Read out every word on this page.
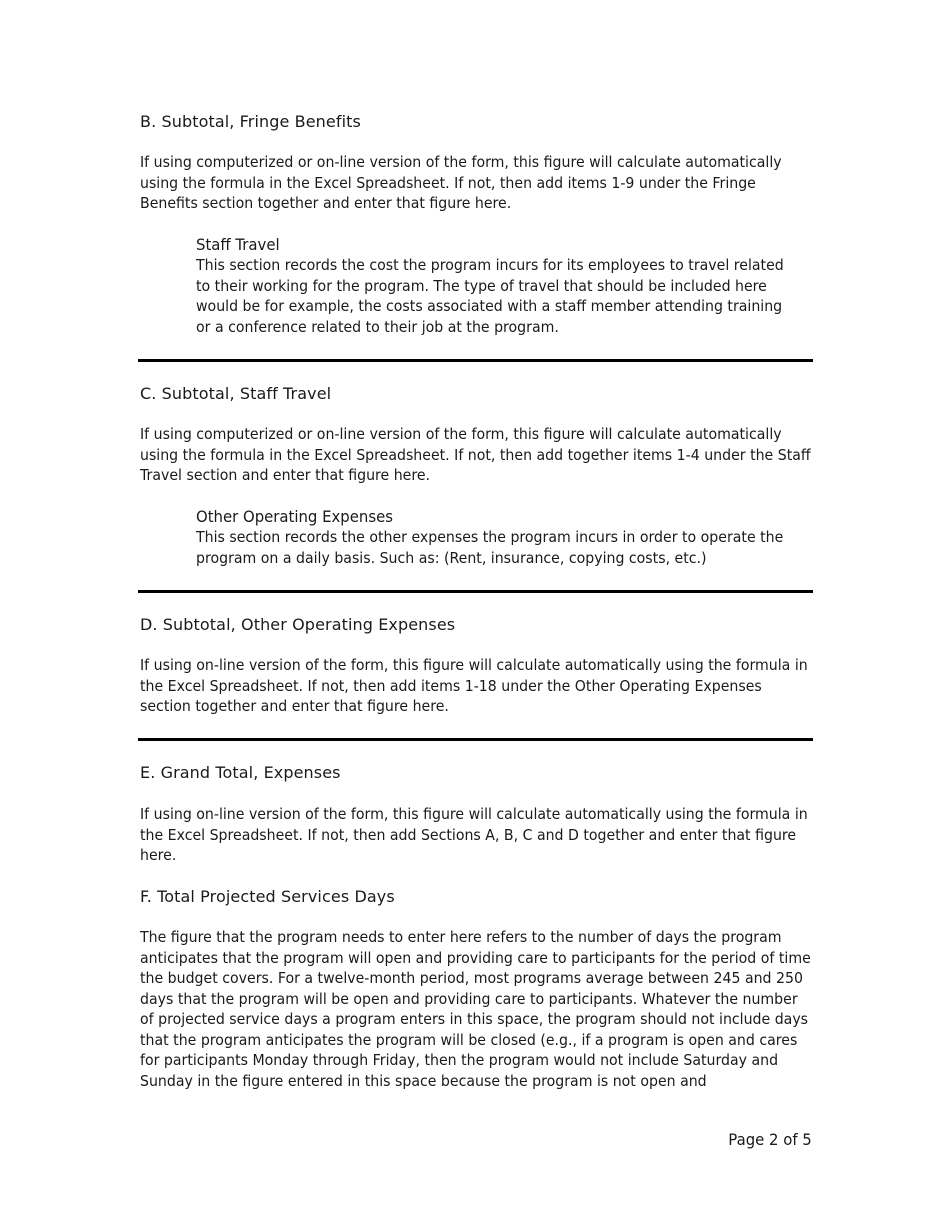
B. Subtotal, Fringe Benefits

If using computerized or on-line version of the form, this figure will calculate automatically using the formula in the Excel Spreadsheet. If not, then add items 1-9 under the Fringe Benefits section together and enter that figure here.

Staff Travel

This section records the cost the program incurs for its employees to travel related to their working for the program. The type of travel that should be included here would be for example, the costs associated with a staff member attending training or a conference related to their job at the program.

C. Subtotal, Staff Travel

If using computerized or on-line version of the form, this figure will calculate automatically using the formula in the Excel Spreadsheet. If not, then add together items 1-4 under the Staff Travel section and enter that figure here.

Other Operating Expenses

This section records the other expenses the program incurs in order to operate the program on a daily basis. Such as: (Rent, insurance, copying costs, etc.)

D. Subtotal, Other Operating Expenses

If using on-line version of the form, this figure will calculate automatically using the formula in the Excel Spreadsheet. If not, then add items 1-18 under the Other Operating Expenses section together and enter that figure here.

E. Grand Total, Expenses

If using on-line version of the form, this figure will calculate automatically using the formula in the Excel Spreadsheet. If not, then add Sections A, B, C and D together and enter that figure here.

F. Total Projected Services Days

The figure that the program needs to enter here refers to the number of days the program anticipates that the program will open and providing care to participants for the period of time the budget covers. For a twelve-month period, most programs average between 245 and 250 days that the program will be open and providing care to participants. Whatever the number of projected service days a program enters in this space, the program should not include days that the program anticipates the program will be closed (e.g., if a program is open and cares for participants Monday through Friday, then the program would not include Saturday and Sunday in the figure entered in this space because the program is not open and

Page 2 of 5
